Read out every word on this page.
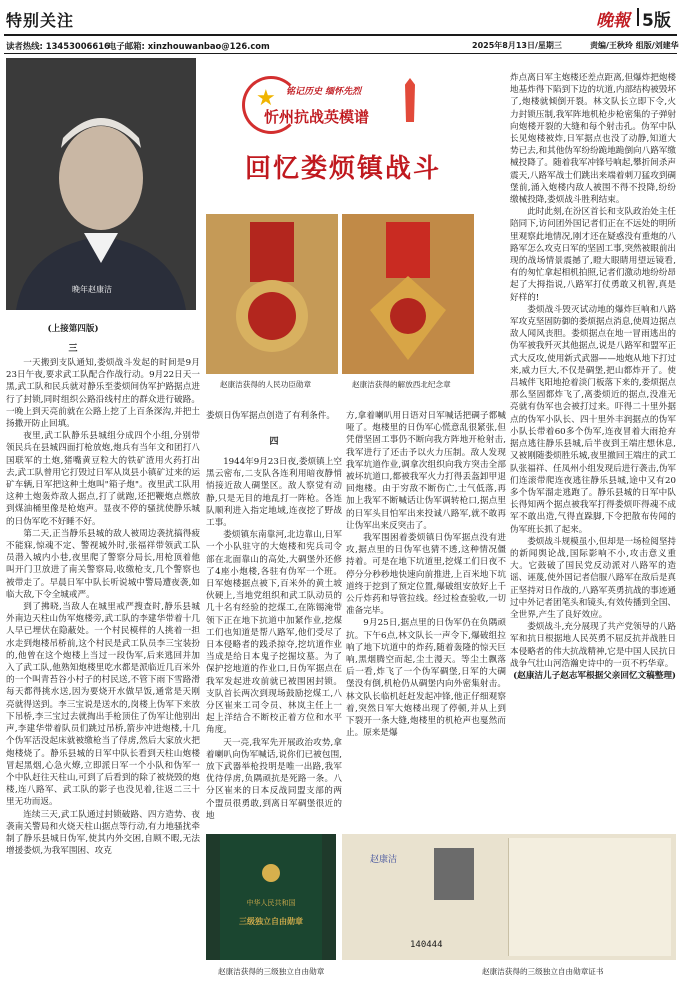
特别关注	晚報 5版
读者热线: 13453006616
电子邮箱: xinzhouwanbao@126.com	2025年8月13日/星期三	责编/王秋玲 组版/刘建华
晚年赵康洁
★ 铭记历史 缅怀先烈
忻州抗战英模谱
回忆娄烦镇战斗
赵康洁获得的人民功臣勋章	赵康洁获得的解放西北纪念章
(上接第四版)
三

一天搬到支队通知,娄烦战斗发起的时间是9月23日午夜,要求武工队配合作战行动。9月22日天一黑,武工队和民兵就对静乐至娄烦间伪军护路据点进行了封锁,同时组织公路沿线村庄的群众进行破路。一晚上到天亮前就在公路上挖了上百条深沟,并把土扬撒开防止回填。

夜里,武工队静乐县城组分成四个小组,分别带领民兵在县城四面打枪放炮,炮兵有当年文和团打八国联军的土炮,猪嘴黄豆粒大的铁矿渣用火药打出去,武工队曾用它打毁过日军从岚县小镇矿过来的运矿车辆,日军把这种土炮叫"箱子炮"。夜里武工队用这种土炮轰炸敌人据点,打了就跑,还把鞭炮点燃放到煤油桶里像是枪炮声。显夜不停的骚扰使静乐城的日伪军吃不好睡不好。

第二天,正当静乐县城的敌人被周边袭扰搞得疲不能寐,惊魂不定、警视城外时,张福祥带领武工队员潜入城内小巷,夜里爬了警察分局长,用枪顶着他叫开门卫放进了南关警察局,收缴枪支,几个警察也被带走了。早晨日军中队长听说城中警局遭夜袭,如临大敌,下令全城戒严。

到了拂晓,当敌人在城里戒严搜查时,静乐县城外南边天柱山伪军炮楼旁,武工队的李建华带着十几人早已埋伏在隐蔽处。一个村民模样的人挑着一担水走到炮楼吊桥前,这个村民是武工队员李三宝装扮的,他曾在这个炮楼上当过一段伪军,后来逃回并加入了武工队,他熟知炮楼里吃水都是派临近几百米外的一个叫青苔谷小村子的村民送,不管下雨下雪路滑每天都得挑水送,因为要烧开水做早饭,通常是天刚亮就得送到。李三宝说是送水的,岗楼上伪军下来放下吊桥,李三宝过去就掏出手枪顶住了伪军让他别出声,李建华带着队员们跳过吊桥,箭步冲进炮楼,十几个伪军活没起床就被缴枪当了俘虏,然后大家放火把炮楼烧了。静乐县城的日军中队长看到天柱山炮楼冒起黑烟,心急火燎,立即派日军一个小队和伪军一个中队赶往天柱山,可到了后看到的除了被烧毁的炮楼,连八路军、武工队的影子也没见着,往返二三十里无功而返。

连续三天,武工队通过封锁破路、四方造势、夜袭南关警局和火烧天柱山据点等行动,有力地骚扰牵制了静乐县城日伪军,使其内外交困,自顾不暇,无法增援娄烦,为我军围困、攻克

娄烦日伪军据点创造了有利条件。

四

1944年9月23日夜,娄烦镇上空黑云密布,二支队各连利用暗夜静悄悄接近敌人碉堡区。敌人察觉有动静,只是无目的地乱打一阵枪。各连队顺利进入指定地域,连夜挖了野战工事。

娄烦镇东南靠河,北边靠山,日军一个小队驻守的大炮楼和宪兵司令部在北面靠山的高处,大碉堡外还修了4座小炮楼,各驻有伪军一个班。日军炮楼据点被下,百米外的黄土坡伙硬上,当地党组织和武工队动员的几十名有经验的挖煤工,在陈锡淹带领下正在地下抗道中加紧作业,挖煤工们也知道是帮八路军,他们受尽了日本侵略者的践杀掠夺,挖坑道作业当成是给日本鬼子挖掘坟墓。为了保护挖地道的作业口,日伪军据点在我军发起进攻前就已被围困封锁。支队首长两次到现场鼓励挖煤工,八分区崔来工司令员、林岚主任上一起上洋结合不断校正着方位和水平角度。

天一亮,我军先开展政治攻势,拿着喇叭向伪军喊话,说你们已被包围,放下武器举枪投明是唯一出路,我军优待俘虏,负隅顽抗是死路一条。八分区崔来的日本反战同盟支部的两个盟员很勇敢,到离日军碉堡很近的地

方,拿着喇叭用日语对日军喊话把碉子都喊哑了。炮楼里的日伪军心慌意乱很紧张,但凭借坚固工事仍不断向我方阵地开枪射击,我军进行了还击予以火力压制。敌人发现我军坑道作业,调拿次组织向我方突击全部被坏坑道口,都被我军火力打得丢盔卸甲退回炮楼。由于穷敌不断伤亡,士气低落,再加上我军不断喊话让伪军调转枪口,据点里的日军头目怕军出来投诚八路军,就不敢再让伪军出来反突击了。

我军围困着娄烦镇日伪军据点没有进攻,据点里的日伪军也猜不透,这种情况僵持着。可是在地下坑道里,挖煤工们日夜不停分分秒秒地快速向前推进,上百米地下坑道终于挖到了预定位置,爆破组安放好上千公斤炸药和导管拉线。经过检查验收,一切准备完毕。

9月25日,据点里的日伪军仍在负隅顽抗。下午6点,林文队长一声令下,爆破组拉响了地下坑道中的炸药,随着轰隆的惊天巨响,黑烟腾空而起,尘土漫天。等尘土飘落后一看,炸飞了一个伪军碉堡,日军的大碉堡没有倒,机枪仍从碉堡内向外密集射击。林文队长临机赶赶发起冲锋,他正仔细观察着,突然日军大炮楼出现了停顿,并从上到下裂开一条大缝,炮楼里的机枪声也戛然而止。原来是爆

炸点离日军主炮楼还差点距离,但爆炸把炮楼地基炸得下陷到下边的坑道,内部结构被毁坏了,炮楼就倾倒开裂。林文队长立即下令,火力封锁压制,我军阵地机枪步枪密集的子弹射向炮楼开裂的大缝和每个射击孔。伪军中队长见炮楼被炸,日军据点也没了动静,知道大势已去,和其他伪军纷纷跪地跪倒向八路军缴械投降了。随着我军冲锋号响起,攀折间杀声震天,八路军战士们跳出来端着刺刀猛攻到碉堡前,涌入炮楼内敌人被围不得不投降,纷纷缴械投降,娄烦战斗胜利结束。

此时此刻,在汾区首长和支队政治处主任陪同下,访问团外国记者们正在不远处的明所里观察此地情况,刚才还在疑惑没有重炮的八路军怎么攻克日军的坚固工事,突然被眼前出现的战场情景震撼了,瞪大眼睛用望远镜看,有的匆忙拿起相机拍照,记者们激动地纷纷昂起了大拇指说,八路军打仗勇敢又机智,真是好样的!

娄烦战斗毁灭试动地的爆炸巨响和八路军攻克坚固防御的娄烦据点消息,使周边据点敌人闻风丧胆。娄烦据点在地一冒雨逃出的伪军被我歼灭其他据点,说是八路军和盟军正式大反攻,使用新式武器——地炮从地下打过来,威力巨大,不仅是碉堡,把山都炸开了。使吕城伴飞阳地抢着淡门板落下来的,娄烦据点那么坚固都炸飞了,离娄烦近的据点,没准无亮就有伪军也会被打过来。吓得二十里外据点的伪军小队长、四十里外丰润据点的伪军小队长带着60多个伪军,连夜冒着大雨抢弃据点逃往静乐县城,后半夜到王端庄想休息,又被刚随娄烦胜乐城,夜里撤回王端庄的武工队张福祥、任凤州小组发现后进行袭击,伪军们连滚带爬连夜逃往静乐县城,途中又有20多个伪军溜走逃跑了。静乐县城的日军中队长得知两个据点被我军打得娄烦吓得魂不成军不敢出造,气得直跺脚,下令把散布传闻的伪军班长抓了起来。

娄烦战斗规模虽小,但却是一场检阅坚持的新闻舆论战,国际影响不小,攻击意义重大。它鼓破了国民党反动派对八路军的造谣、诬蔑,使外国记者信服八路军在敌后是真正坚持对日作战的,八路军英勇抗战的事迹通过中外记者团笔头和镜头,有效传播到全国、全世界,产生了良好效应。

娄烦战斗,充分展现了共产党领导的八路军和抗日根据地人民英勇不屈反抗并战胜日本侵略者的伟大抗战精神,它是中国人民抗日战争气壮山河浩瀚史诗中的一页不朽华章。

(赵康洁儿子赵志军根据父亲回忆文稿整理)

中华人民共和国
三级独立自由勋章
赵康洁
140444
赵康洁获得的三级独立自由勋章	赵康洁获得的三级独立自由勋章证书
